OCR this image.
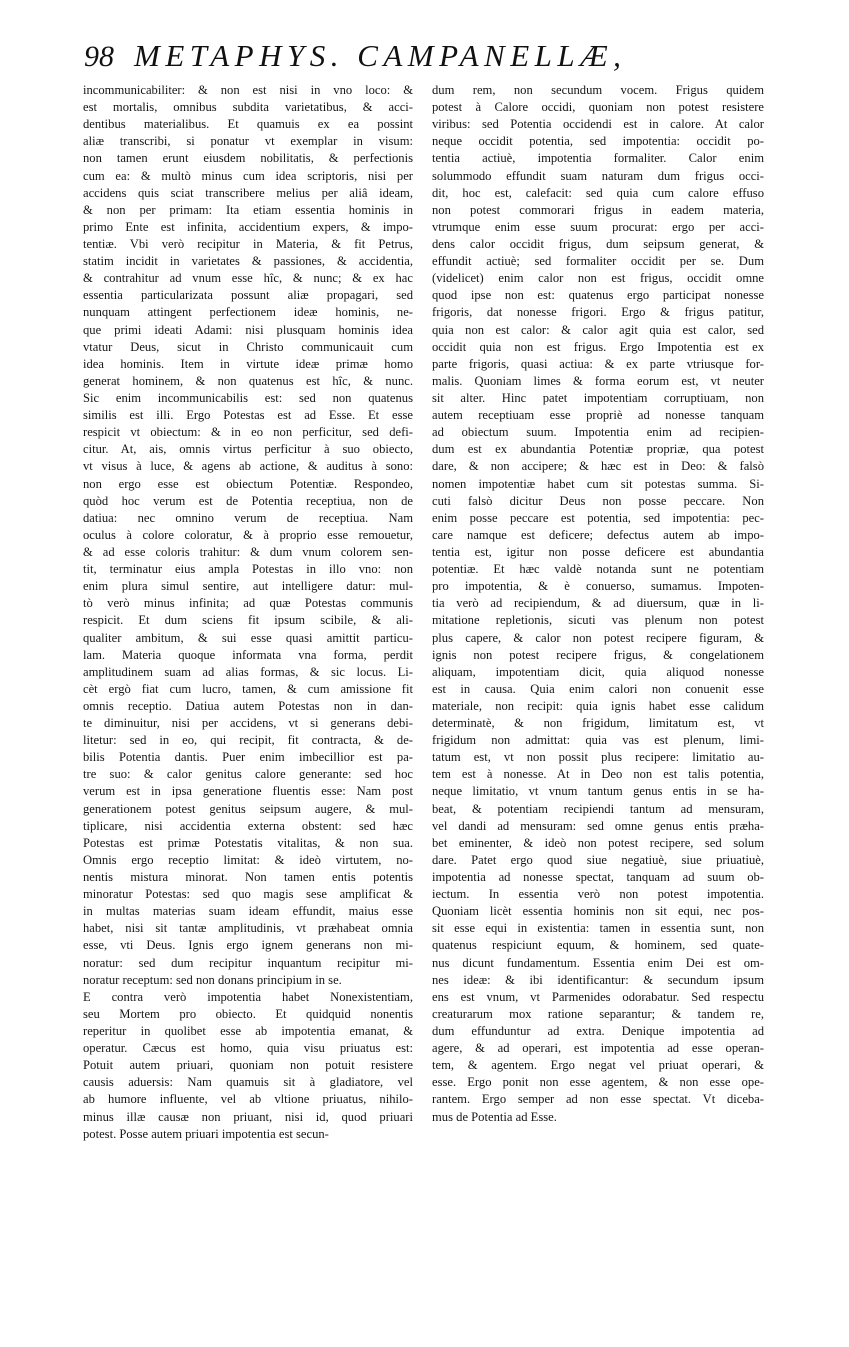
98 METAPHYS. CAMPANELLÆ,
incommunicabiliter: & non est nisi in vno loco: &
est mortalis, omnibus subdita varietatibus, & acci-
dentibus materialibus. Et quamuis ex ea possint
aliæ transcribi, si ponatur vt exemplar in visum:
non tamen erunt eiusdem nobilitatis, & perfectionis
cum ea: & multò minus cum idea scriptoris, nisi per
accidens quis sciat transcribere melius per aliâ ideam,
& non per primam: Ita etiam essentia hominis in
primo Ente est infinita, accidentium expers, & impo-
tentiæ. Vbi verò recipitur in Materia, & fit Petrus,
statim incidit in varietates & passiones, & accidentia,
& contrahitur ad vnum esse hîc, & nunc; & ex hac
essentia particularizata possunt aliæ propagari, sed
nunquam attingent perfectionem ideæ hominis, ne-
que primi ideati Adami: nisi plusquam hominis idea
vtatur Deus, sicut in Christo communicauit cum
idea hominis. Item in virtute ideæ primæ homo
generat hominem, & non quatenus est hîc, & nunc.
Sic enim incommunicabilis est: sed non quatenus
similis est illi. Ergo Potestas est ad Esse. Et esse
respicit vt obiectum: & in eo non perficitur, sed defi-
citur. At, ais, omnis virtus perficitur à suo obiecto,
vt visus à luce, & agens ab actione, & auditus à sono:
non ergo esse est obiectum Potentiæ. Respondeo,
quòd hoc verum est de Potentia receptiua, non de
datiua: nec omnino verum de receptiua. Nam
oculus à colore coloratur, & à proprio esse remouetur,
& ad esse coloris trahitur: & dum vnum colorem sen-
tit, terminatur eius ampla Potestas in illo vno: non
enim plura simul sentire, aut intelligere datur: mul-
tò verò minus infinita; ad quæ Potestas communis
respicit. Et dum sciens fit ipsum scibile, & ali-
qualiter ambitum, & sui esse quasi amittit particu-
lam. Materia quoque informata vna forma, perdit
amplitudinem suam ad alias formas, & sic locus. Li-
cèt ergò fiat cum lucro, tamen, & cum amissione fit
omnis receptio. Datiua autem Potestas non in dan-
te diminuitur, nisi per accidens, vt si generans debi-
litetur: sed in eo, qui recipit, fit contracta, & de-
bilis Potentia dantis. Puer enim imbecillior est pa-
tre suo: & calor genitus calore generante: sed hoc
verum est in ipsa generatione fluentis esse: Nam post
generationem potest genitus seipsum augere, & mul-
tiplicare, nisi accidentia externa obstent: sed hæc
Potestas est primæ Potestatis vitalitas, & non sua.
Omnis ergo receptio limitat: & ideò virtutem, no-
nentis mistura minorat. Non tamen entis potentis
minoratur Potestas: sed quo magis sese amplificat &
in multas materias suam ideam effundit, maius esse
habet, nisi sit tantæ amplitudinis, vt præhabeat omnia
esse, vti Deus. Ignis ergo ignem generans non mi-
noratur: sed dum recipitur inquantum recipitur mi-
noratur receptum: sed non donans principium in se.
E contra verò impotentia habet Nonexistentiam,
seu Mortem pro obiecto. Et quidquid nonentis
reperitur in quolibet esse ab impotentia emanat, &
operatur. Cæcus est homo, quia visu priuatus est:
Potuit autem priuari, quoniam non potuit resistere
causis aduersis: Nam quamuis sit à gladiatore, vel
ab humore influente, vel ab vltione priuatus, nihilo-
minus illæ causæ non priuant, nisi id, quod priuari
potest. Posse autem priuari impotentia est secun-
dum rem, non secundum vocem. Frigus quidem
potest à Calore occidi, quoniam non potest resistere
viribus: sed Potentia occidendi est in calore. At calor
neque occidit potentia, sed impotentia: occidit po-
tentia actiuè, impotentia formaliter. Calor enim
solummodo effundit suam naturam dum frigus occi-
dit, hoc est, calefacit: sed quia cum calore effuso
non potest commorari frigus in eadem materia,
vtrumque enim esse suum procurat: ergo per acci-
dens calor occidit frigus, dum seipsum generat, &
effundit actiuè; sed formaliter occidit per se. Dum
(videlicet) enim calor non est frigus, occidit omne
quod ipse non est: quatenus ergo participat nonesse
frigoris, dat nonesse frigori. Ergo & frigus patitur,
quia non est calor: & calor agit quia est calor, sed
occidit quia non est frigus. Ergo Impotentia est ex
parte frigoris, quasi actiua: & ex parte vtriusque for-
malis. Quoniam limes & forma eorum est, vt neuter
sit alter. Hinc patet impotentiam corruptiuam, non
autem receptiuam esse propriè ad nonesse tanquam
ad obiectum suum. Impotentia enim ad recipien-
dum est ex abundantia Potentiæ propriæ, qua potest
dare, & non accipere; & hæc est in Deo: & falsò
nomen impotentiæ habet cum sit potestas summa. Si-
cuti falsò dicitur Deus non posse peccare. Non
enim posse peccare est potentia, sed impotentia: pec-
care namque est deficere; defectus autem ab impo-
tentia est, igitur non posse deficere est abundantia
potentiæ. Et hæc valdè notanda sunt ne potentiam
pro impotentia, & è conuerso, sumamus. Impoten-
tia verò ad recipiendum, & ad diuersum, quæ in li-
mitatione repletionis, sicuti vas plenum non potest
plus capere, & calor non potest recipere figuram, &
ignis non potest recipere frigus, & congelationem
aliquam, impotentiam dicit, quia aliquod nonesse
est in causa. Quia enim calori non conuenit esse
materiale, non recipit: quia ignis habet esse calidum
determinatè, & non frigidum, limitatum est, vt
frigidum non admittat: quia vas est plenum, limi-
tatum est, vt non possit plus recipere: limitatio au-
tem est à nonesse. At in Deo non est talis potentia,
neque limitatio, vt vnum tantum genus entis in se ha-
beat, & potentiam recipiendi tantum ad mensuram,
vel dandi ad mensuram: sed omne genus entis præha-
bet eminenter, & ideò non potest recipere, sed solum
dare. Patet ergo quod siue negatiuè, siue priuatiuè,
impotentia ad nonesse spectat, tanquam ad suum ob-
iectum. In essentia verò non potest impotentia.
Quoniam licèt essentia hominis non sit equi, nec pos-
sit esse equi in existentia: tamen in essentia sunt, non
quatenus respiciunt equum, & hominem, sed quate-
nus dicunt fundamentum. Essentia enim Dei est om-
nes ideæ: & ibi identificantur: & secundum ipsum
ens est vnum, vt Parmenides odorabatur. Sed respectu
creaturarum mox ratione separantur; & tandem re,
dum effunduntur ad extra. Denique impotentia ad
agere, & ad operari, est impotentia ad esse operan-
tem, & agentem. Ergo negat vel priuat operari, &
esse. Ergo ponit non esse agentem, & non esse ope-
rantem. Ergo semper ad non esse spectat. Vt diceba-
mus de Potentia ad Esse.
